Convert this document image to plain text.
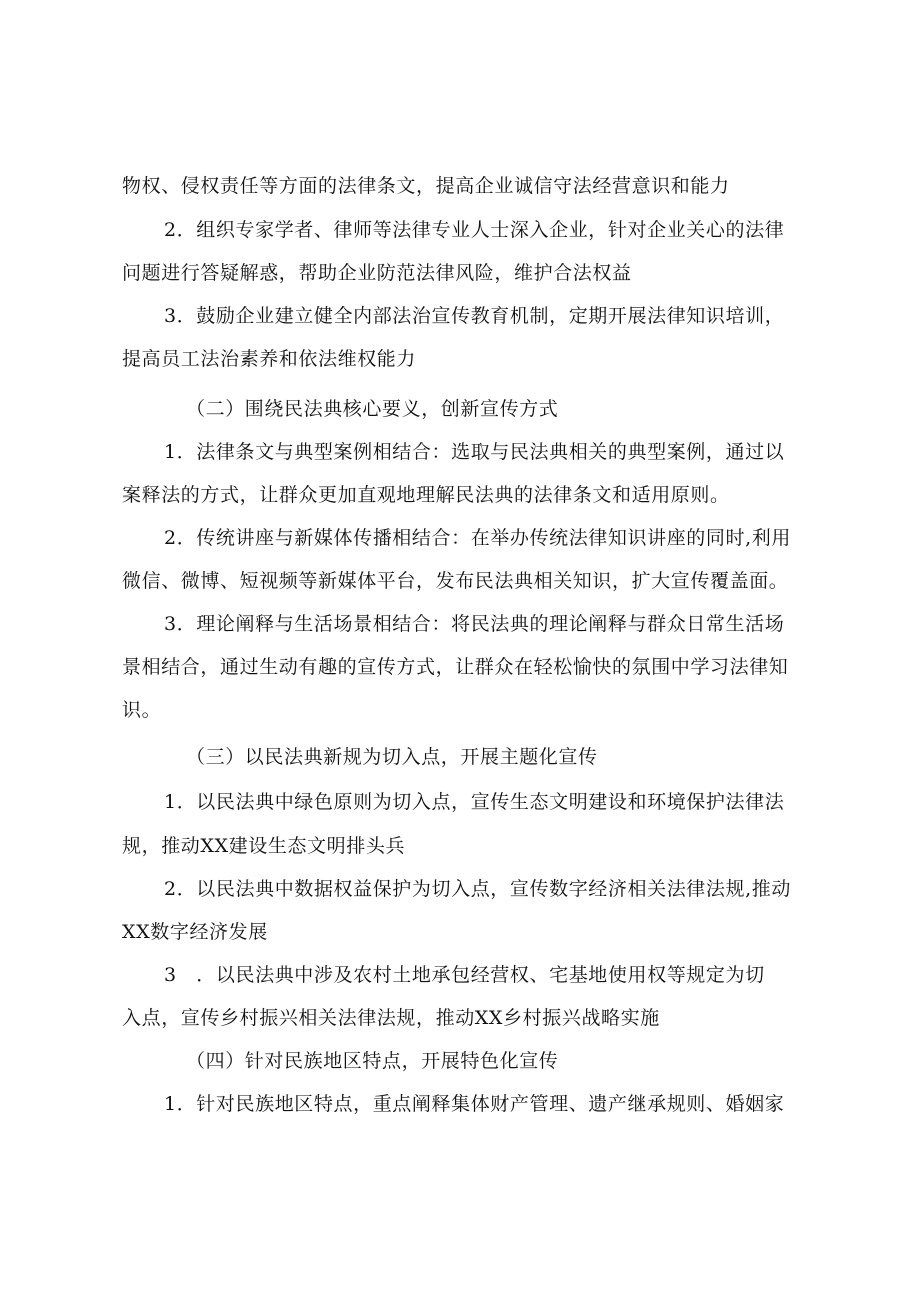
物权、侵权责任等方面的法律条文，提高企业诚信守法经营意识和能力
2．组织专家学者、律师等法律专业人士深入企业，针对企业关心的法律
问题进行答疑解惑，帮助企业防范法律风险，维护合法权益
3．鼓励企业建立健全内部法治宣传教育机制，定期开展法律知识培训，
提高员工法治素养和依法维权能力
（二）围绕民法典核心要义，创新宣传方式
1．法律条文与典型案例相结合：选取与民法典相关的典型案例，通过以
案释法的方式，让群众更加直观地理解民法典的法律条文和适用原则。
2．传统讲座与新媒体传播相结合：在举办传统法律知识讲座的同时,利用
微信、微博、短视频等新媒体平台，发布民法典相关知识，扩大宣传覆盖面。
3．理论阐释与生活场景相结合：将民法典的理论阐释与群众日常生活场
景相结合，通过生动有趣的宣传方式，让群众在轻松愉快的氛围中学习法律知
识。
（三）以民法典新规为切入点，开展主题化宣传
1．以民法典中绿色原则为切入点，宣传生态文明建设和环境保护法律法
规，推动XX建设生态文明排头兵
2．以民法典中数据权益保护为切入点，宣传数字经济相关法律法规,推动
XX数字经济发展
3　．以民法典中涉及农村土地承包经营权、宅基地使用权等规定为切
入点，宣传乡村振兴相关法律法规，推动XX乡村振兴战略实施
（四）针对民族地区特点，开展特色化宣传
1．针对民族地区特点，重点阐释集体财产管理、遗产继承规则、婚姻家
